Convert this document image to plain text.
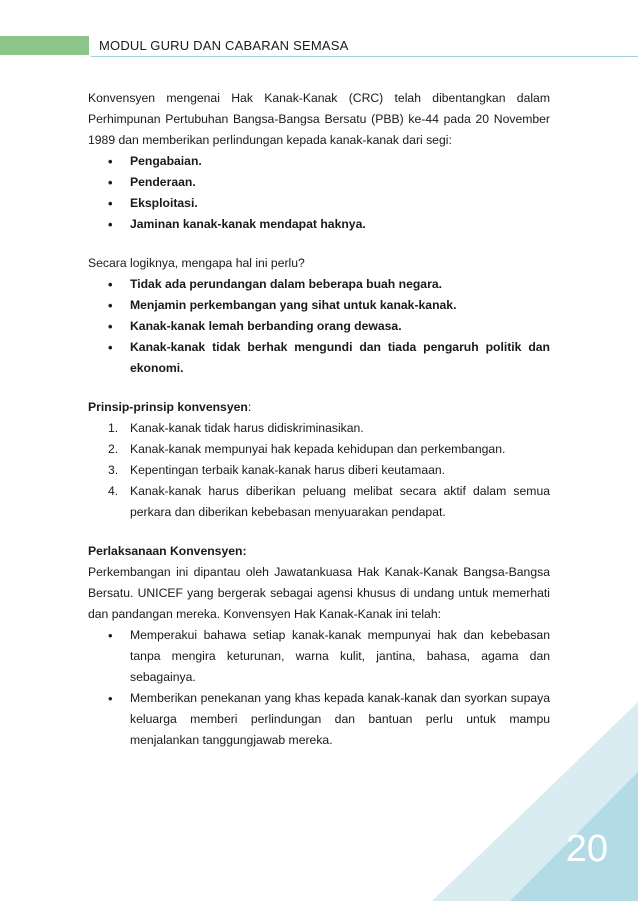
MODUL GURU DAN CABARAN SEMASA

Konvensyen mengenai Hak Kanak-Kanak (CRC) telah dibentangkan dalam Perhimpunan Pertubuhan Bangsa-Bangsa Bersatu (PBB) ke-44 pada 20 November 1989 dan memberikan perlindungan kepada kanak-kanak dari segi:

• Pengabaian.
• Penderaan.
• Eksploitasi.
• Jaminan kanak-kanak mendapat haknya.

Secara logiknya, mengapa hal ini perlu?

• Tidak ada perundangan dalam beberapa buah negara.
• Menjamin perkembangan yang sihat untuk kanak-kanak.
• Kanak-kanak lemah berbanding orang dewasa.
• Kanak-kanak tidak berhak mengundi dan tiada pengaruh politik dan ekonomi.

Prinsip-prinsip konvensyen:

1. Kanak-kanak tidak harus didiskriminasikan.
2. Kanak-kanak mempunyai hak kepada kehidupan dan perkembangan.
3. Kepentingan terbaik kanak-kanak harus diberi keutamaan.
4. Kanak-kanak harus diberikan peluang melibat secara aktif dalam semua perkara dan diberikan kebebasan menyuarakan pendapat.

Perlaksanaan Konvensyen:

Perkembangan ini dipantau oleh Jawatankuasa Hak Kanak-Kanak Bangsa-Bangsa Bersatu. UNICEF yang bergerak sebagai agensi khusus di undang untuk memerhati dan pandangan mereka. Konvensyen Hak Kanak-Kanak ini telah:

• Memperakui bahawa setiap kanak-kanak mempunyai hak dan kebebasan tanpa mengira keturunan, warna kulit, jantina, bahasa, agama dan sebagainya.
• Memberikan penekanan yang khas kepada kanak-kanak dan syorkan supaya keluarga memberi perlindungan dan bantuan perlu untuk mampu menjalankan tanggungjawab mereka.
20
